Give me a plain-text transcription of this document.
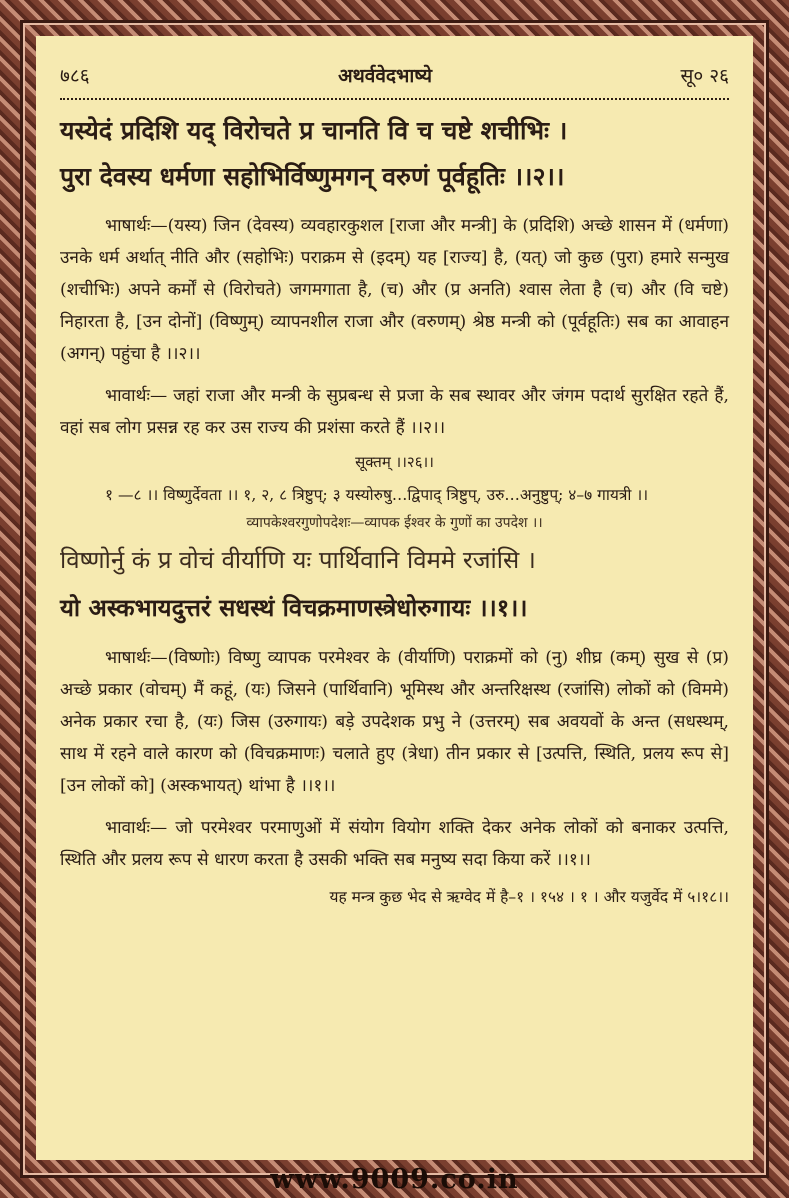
७८६	अथर्ववेदभाष्ये	सू० २६
यस्येदं प्रदिशि यद् विरोचते प्र चानति वि च चष्टे शचीभिः ।
पुरा देवस्य धर्मणा सहोभिर्विष्णुमगन् वरुणं पूर्वहूतिः ।।२।।
भाषार्थः—(यस्य) जिन (देवस्य) व्यवहारकुशल [राजा और मन्त्री] के (प्रदिशि) अच्छे शासन में (धर्मणा) उनके धर्म अर्थात् नीति और (सहोभिः) पराक्रम से (इदम्) यह [राज्य] है, (यत्) जो कुछ (पुरा) हमारे सन्मुख (शचीभिः) अपने कर्मों से (विरोचते) जगमगाता है, (च) और (प्र अनति) श्वास लेता है (च) और (वि चष्टे) निहारता है, [उन दोनों] (विष्णुम्) व्यापनशील राजा और (वरुणम्) श्रेष्ठ मन्त्री को (पूर्वहूतिः) सब का आवाहन (अगन्) पहुंचा है ।।२।।
भावार्थः— जहां राजा और मन्त्री के सुप्रबन्ध से प्रजा के सब स्थावर और जंगम पदार्थ सुरक्षित रहते हैं, वहां सब लोग प्रसन्न रह कर उस राज्य की प्रशंसा करते हैं ।।२।।
सूक्तम् ।।२६।।
१ —८ ।। विष्णुर्देवता ।। १, २, ८ त्रिष्टुप्; ३ यस्योरुषु…द्विपाद् त्रिष्टुप्, उरु…अनुष्टुप्; ४–७ गायत्री ।।
व्यापकेश्वरगुणोपदेशः—व्यापक ईश्वर के गुणों का उपदेश ।।
विष्णोर्नु कं प्र वोचं वीर्याणि यः पार्थिवानि विममे रजांसि ।
यो अस्कभायदुत्तरं सधस्थं विचक्रमाणस्त्रेधोरुगायः ।।१।।
भाषार्थः—(विष्णोः) विष्णु व्यापक परमेश्वर के (वीर्याणि) पराक्रमों को (नु) शीघ्र (कम्) सुख से (प्र) अच्छे प्रकार (वोचम्) मैं कहूं, (यः) जिसने (पार्थिवानि) भूमिस्थ और अन्तरिक्षस्थ (रजांसि) लोकों को (विममे) अनेक प्रकार रचा है, (यः) जिस (उरुगायः) बड़े उपदेशक प्रभु ने (उत्तरम्) सब अवयवों के अन्त (सधस्थम्, साथ में रहने वाले कारण को (विचक्रमाणः) चलाते हुए (त्रेधा) तीन प्रकार से [उत्पत्ति, स्थिति, प्रलय रूप से] [उन लोकों को] (अस्कभायत्) थांभा है ।।१।।
भावार्थः— जो परमेश्वर परमाणुओं में संयोग वियोग शक्ति देकर अनेक लोकों को बनाकर उत्पत्ति, स्थिति और प्रलय रूप से धारण करता है उसकी भक्ति सब मनुष्य सदा किया करें ।।१।।
यह मन्त्र कुछ भेद से ऋग्वेद में है–१ । १५४ । १ । और यजुर्वेद में ५।१८।।
www.9009.co.in
